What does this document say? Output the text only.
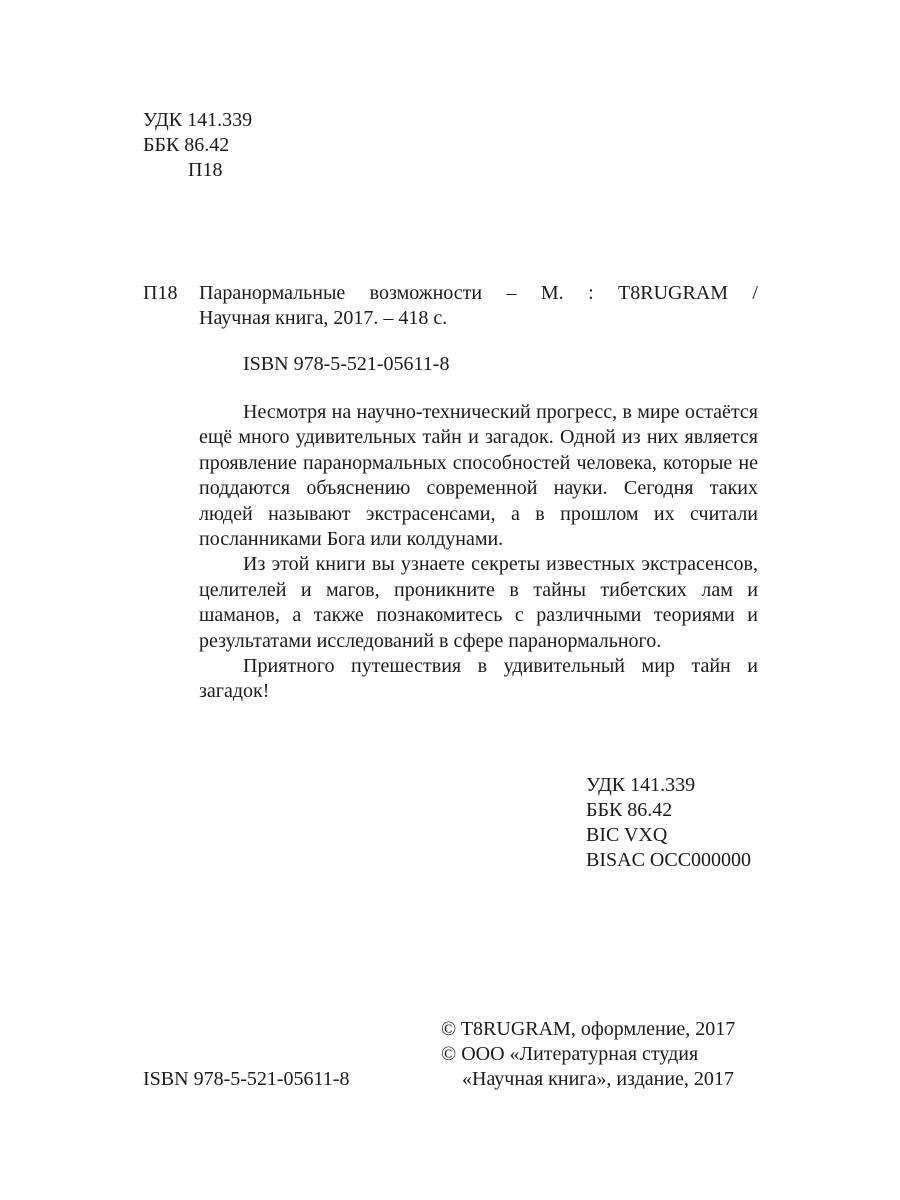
УДК 141.339
ББК 86.42
П18
П18 Паранормальные возможности – М. : T8RUGRAM /
Научная книга, 2017. – 418 с.
ISBN 978-5-521-05611-8

Несмотря на научно-технический прогресс, в мире остаётся ещё много удивительных тайн и загадок. Одной из них является проявление паранормальных способностей человека, которые не поддаются объяснению современной науки. Сегодня таких людей называют экстрасенсами, а в прошлом их считали посланниками Бога или колдунами.

Из этой книги вы узнаете секреты известных экстрасенсов, целителей и магов, проникните в тайны тибетских лам и шаманов, а также познакомитесь с различными теориями и результатами исследований в сфере паранормального.

Приятного путешествия в удивительный мир тайн и загадок!

УДК 141.339
ББК 86.42
BIC VXQ
BISAC OCC000000
ISBN 978-5-521-05611-8
© T8RUGRAM, оформление, 2017
© ООО «Литературная студия
«Научная книга», издание, 2017
